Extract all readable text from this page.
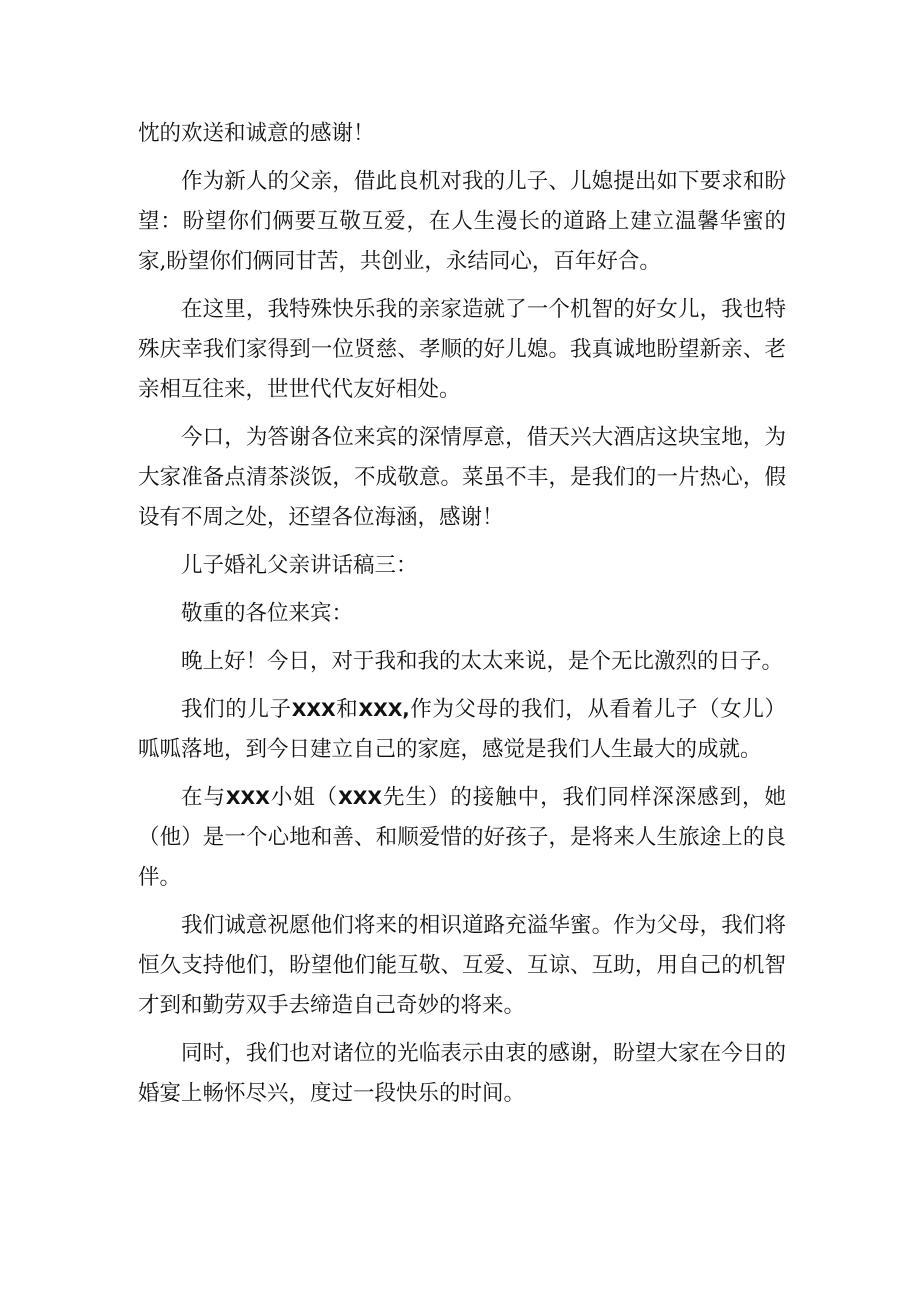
忱的欢送和诚意的感谢！

作为新人的父亲，借此良机对我的儿子、儿媳提出如下要求和盼望：盼望你们俩要互敬互爱，在人生漫长的道路上建立温馨华蜜的家,盼望你们俩同甘苦，共创业，永结同心，百年好合。

在这里，我特殊快乐我的亲家造就了一个机智的好女儿，我也特殊庆幸我们家得到一位贤慈、孝顺的好儿媳。我真诚地盼望新亲、老亲相互往来，世世代代友好相处。

今口，为答谢各位来宾的深情厚意，借天兴大酒店这块宝地，为大家准备点清茶淡饭，不成敬意。菜虽不丰，是我们的一片热心，假设有不周之处，还望各位海涵，感谢！

儿子婚礼父亲讲话稿三：

敬重的各位来宾：

晚上好！今日，对于我和我的太太来说，是个无比激烈的日子。

我们的儿子XXX和XXX,作为父母的我们，从看着儿子（女儿）呱呱落地，到今日建立自己的家庭，感觉是我们人生最大的成就。

在与XXX小姐（XXX先生）的接触中，我们同样深深感到，她（他）是一个心地和善、和顺爱惜的好孩子，是将来人生旅途上的良伴。

我们诚意祝愿他们将来的相识道路充溢华蜜。作为父母，我们将恒久支持他们，盼望他们能互敬、互爱、互谅、互助，用自己的机智才到和勤劳双手去缔造自己奇妙的将来。

同时，我们也对诸位的光临表示由衷的感谢，盼望大家在今日的婚宴上畅怀尽兴，度过一段快乐的时间。
